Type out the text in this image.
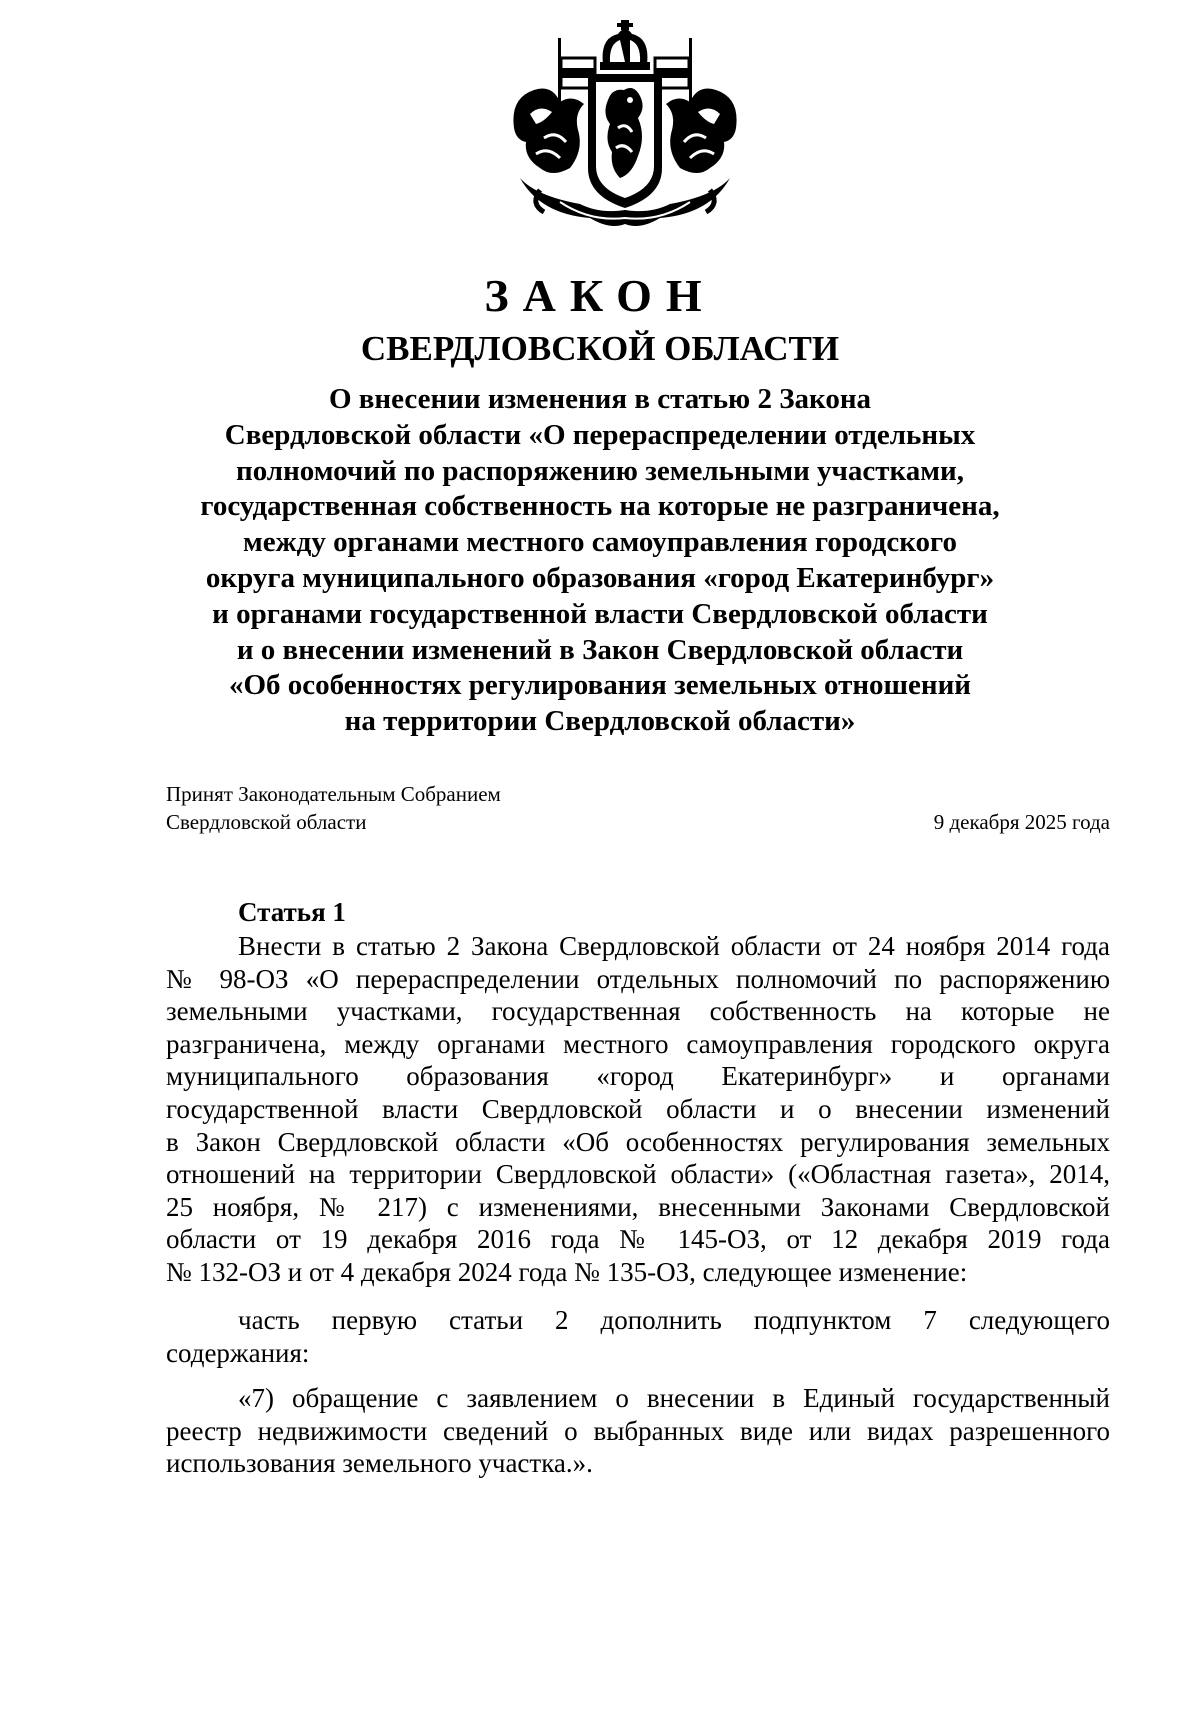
ЗАКОН
СВЕРДЛОВСКОЙ ОБЛАСТИ
О внесении изменения в статью 2 Закона
Свердловской области «О перераспределении отдельных
полномочий по распоряжению земельными участками,
государственная собственность на которые не разграничена,
между органами местного самоуправления городского
округа муниципального образования «город Екатеринбург»
и органами государственной власти Свердловской области
и о внесении изменений в Закон Свердловской области
«Об особенностях регулирования земельных отношений
на территории Свердловской области»
Принят Законодательным Собранием
Свердловской области	9 декабря 2025 года
Статья 1
Внести в статью 2 Закона Свердловской области от 24 ноября 2014 года
№ 98-ОЗ «О перераспределении отдельных полномочий по распоряжению
земельными участками, государственная собственность на которые не
разграничена, между органами местного самоуправления городского округа
муниципального образования «город Екатеринбург» и органами
государственной власти Свердловской области и о внесении изменений
в Закон Свердловской области «Об особенностях регулирования земельных
отношений на территории Свердловской области» («Областная газета», 2014,
25 ноября, № 217) с изменениями, внесенными Законами Свердловской
области от 19 декабря 2016 года № 145-ОЗ, от 12 декабря 2019 года
№ 132-ОЗ и от 4 декабря 2024 года № 135-ОЗ, следующее изменение:
часть первую статьи 2 дополнить подпунктом 7 следующего
содержания:
«7) обращение с заявлением о внесении в Единый государственный
реестр недвижимости сведений о выбранных виде или видах разрешенного
использования земельного участка.».
